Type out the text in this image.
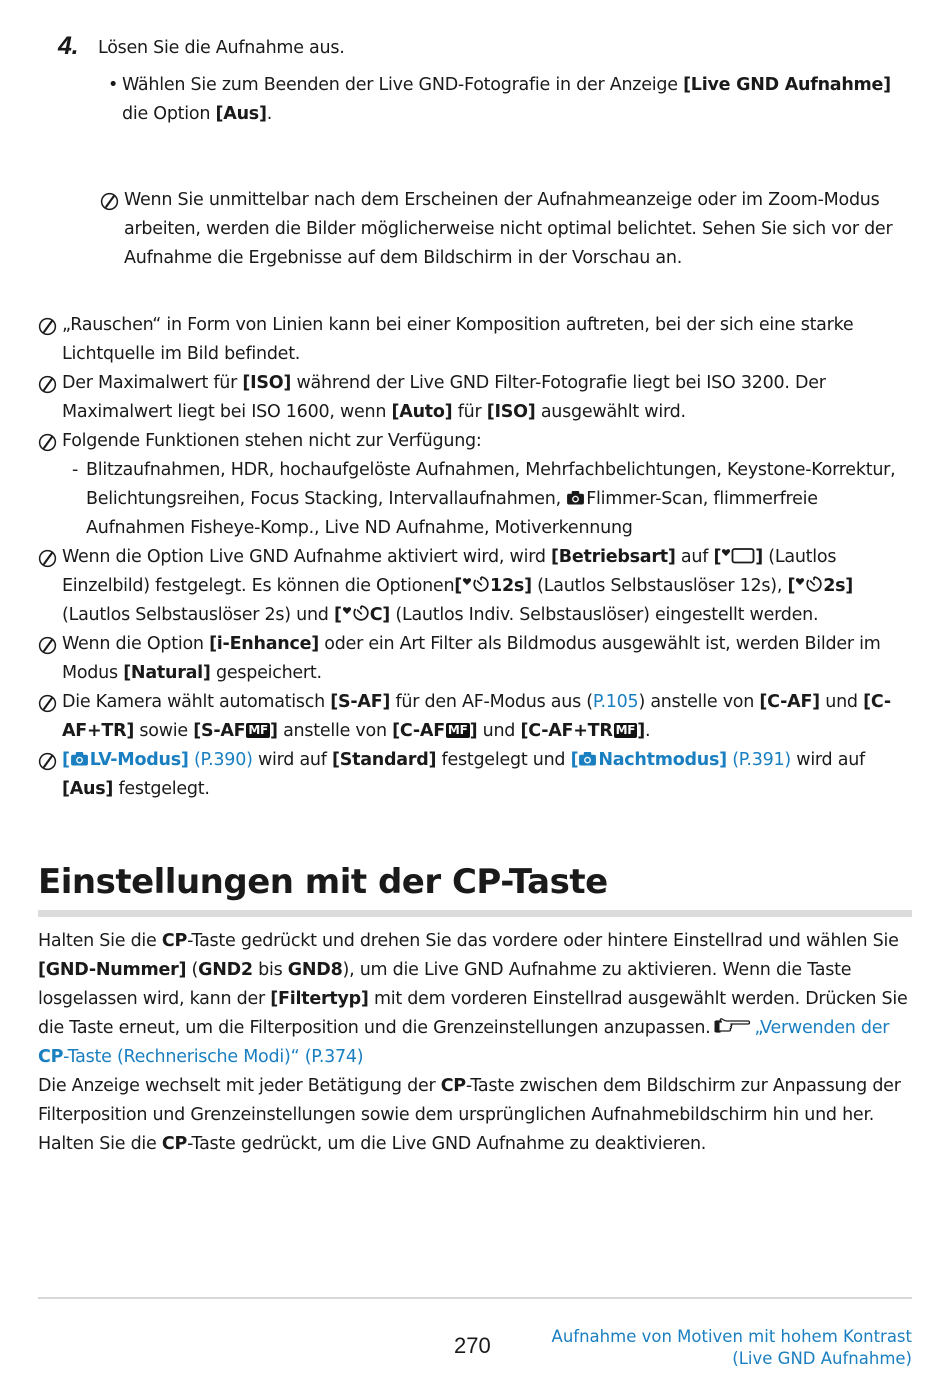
4. Lösen Sie die Aufnahme aus.
• Wählen Sie zum Beenden der Live GND-Fotografie in der Anzeige [Live GND Aufnahme] die Option [Aus].
Wenn Sie unmittelbar nach dem Erscheinen der Aufnahmeanzeige oder im Zoom-Modus arbeiten, werden die Bilder möglicherweise nicht optimal belichtet. Sehen Sie sich vor der Aufnahme die Ergebnisse auf dem Bildschirm in der Vorschau an.
„Rauschen“ in Form von Linien kann bei einer Komposition auftreten, bei der sich eine starke Lichtquelle im Bild befindet.
Der Maximalwert für [ISO] während der Live GND Filter-Fotografie liegt bei ISO 3200. Der Maximalwert liegt bei ISO 1600, wenn [Auto] für [ISO] ausgewählt wird.
Folgende Funktionen stehen nicht zur Verfügung:
- Blitzaufnahmen, HDR, hochaufgelöste Aufnahmen, Mehrfachbelichtungen, Keystone-Korrektur, Belichtungsreihen, Focus Stacking, Intervallaufnahmen, Flimmer-Scan, flimmerfreie Aufnahmen Fisheye-Komp., Live ND Aufnahme, Motiverkennung
Wenn die Option Live GND Aufnahme aktiviert wird, wird [Betriebsart] auf [ ] (Lautlos Einzelbild) festgelegt. Es können die Optionen[ 12s] (Lautlos Selbstauslöser 12s), [ 2s] (Lautlos Selbstauslöser 2s) und [ C] (Lautlos Indiv. Selbstauslöser) eingestellt werden.
Wenn die Option [i-Enhance] oder ein Art Filter als Bildmodus ausgewählt ist, werden Bilder im Modus [Natural] gespeichert.
Die Kamera wählt automatisch [S-AF] für den AF-Modus aus (P.105) anstelle von [C-AF] und [C-AF+TR] sowie [S-AF MF ] anstelle von [C-AF MF ] und [C-AF+TR MF ].
[ LV-Modus] (P.390) wird auf [Standard] festgelegt und [ Nachtmodus] (P.391) wird auf [Aus] festgelegt.
Einstellungen mit der CP-Taste
Halten Sie die CP-Taste gedrückt und drehen Sie das vordere oder hintere Einstellrad und wählen Sie [GND-Nummer] (GND2 bis GND8), um die Live GND Aufnahme zu aktivieren. Wenn die Taste losgelassen wird, kann der [Filtertyp] mit dem vorderen Einstellrad ausgewählt werden. Drücken Sie die Taste erneut, um die Filterposition und die Grenzeinstellungen anzupassen.	„Verwenden der CP-Taste (Rechnerische Modi)“ (P.374)
Die Anzeige wechselt mit jeder Betätigung der CP-Taste zwischen dem Bildschirm zur Anpassung der Filterposition und Grenzeinstellungen sowie dem ursprünglichen Aufnahmebildschirm hin und her.
Halten Sie die CP-Taste gedrückt, um die Live GND Aufnahme zu deaktivieren.
270	Aufnahme von Motiven mit hohem Kontrast
(Live GND Aufnahme)
